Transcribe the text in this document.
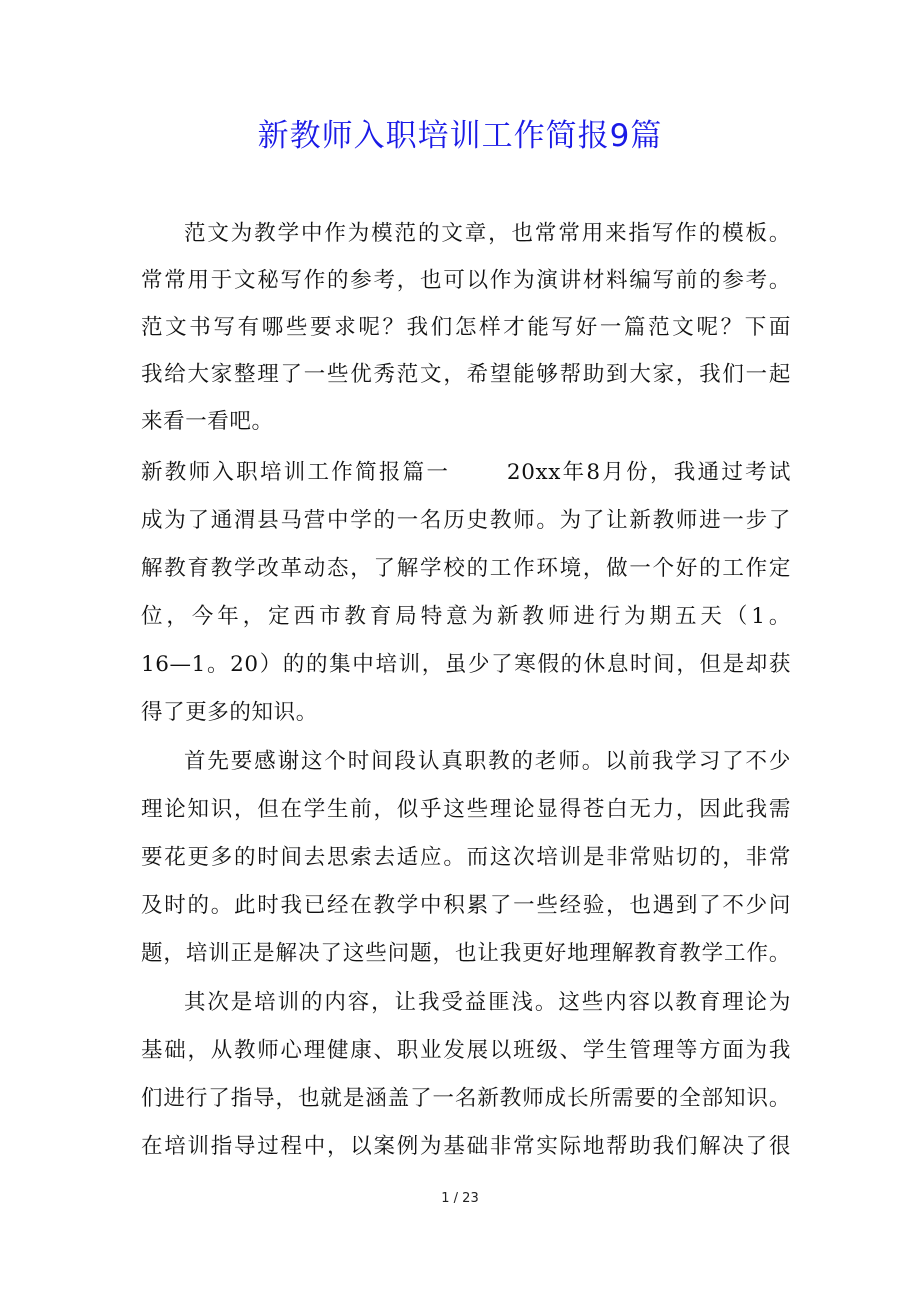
新教师入职培训工作简报9篇
范文为教学中作为模范的文章，也常常用来指写作的模板。
常常用于文秘写作的参考，也可以作为演讲材料编写前的参考。
范文书写有哪些要求呢？我们怎样才能写好一篇范文呢？下面
我给大家整理了一些优秀范文，希望能够帮助到大家，我们一起
来看一看吧。
新教师入职培训工作简报篇一　　 20xx年8月份，我通过考试
成为了通渭县马营中学的一名历史教师。为了让新教师进一步了
解教育教学改革动态，了解学校的工作环境，做一个好的工作定
位，今年，定西市教育局特意为新教师进行为期五天（1。
16—1。20）的的集中培训，虽少了寒假的休息时间，但是却获
得了更多的知识。
首先要感谢这个时间段认真职教的老师。以前我学习了不少
理论知识，但在学生前，似乎这些理论显得苍白无力，因此我需
要花更多的时间去思索去适应。而这次培训是非常贴切的，非常
及时的。此时我已经在教学中积累了一些经验，也遇到了不少问
题，培训正是解决了这些问题，也让我更好地理解教育教学工作。
其次是培训的内容，让我受益匪浅。这些内容以教育理论为
基础，从教师心理健康、职业发展以班级、学生管理等方面为我
们进行了指导，也就是涵盖了一名新教师成长所需要的全部知识。
在培训指导过程中，以案例为基础非常实际地帮助我们解决了很
1 / 23
